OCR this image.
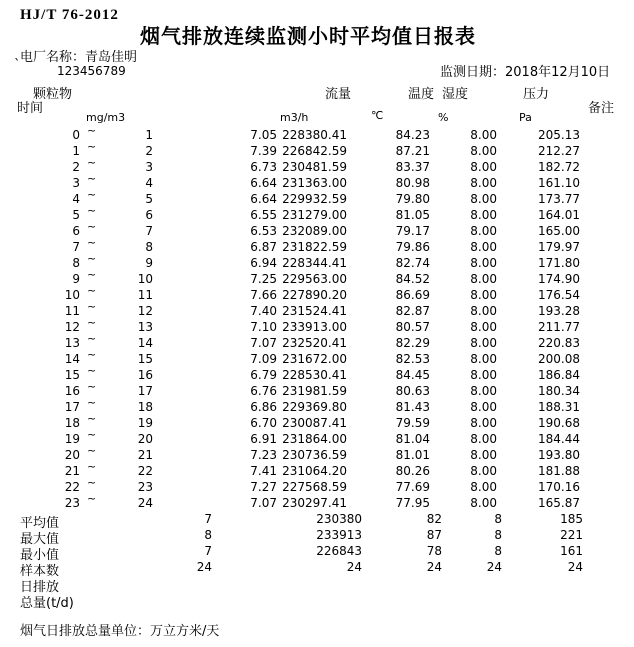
HJ/T 76-2012
烟气排放连续监测小时平均值日报表
电厂名称：青岛佳明
`	123456789	监测日期：2018年12月10日
颗粒物	流量	温度 湿度	压力
时间	备注
mg/m3	m3/h	℃	%	Pa
0 ~	1	7.05 228380.41	84.23	8.00	205.13
1 ~	2	7.39 226842.59	87.21	8.00	212.27
2 ~	3	6.73 230481.59	83.37	8.00	182.72
3 ~	4	6.64 231363.00	80.98	8.00	161.10
4 ~	5	6.64 229932.59	79.80	8.00	173.77
5 ~	6	6.55 231279.00	81.05	8.00	164.01
6 ~	7	6.53 232089.00	79.17	8.00	165.00
7 ~	8	6.87 231822.59	79.86	8.00	179.97
8 ~	9	6.94 228344.41	82.74	8.00	171.80
9 ~	10	7.25 229563.00	84.52	8.00	174.90
10 ~	11	7.66 227890.20	86.69	8.00	176.54
11 ~	12	7.40 231524.41	82.87	8.00	193.28
12 ~	13	7.10 233913.00	80.57	8.00	211.77
13 ~	14	7.07 232520.41	82.29	8.00	220.83
14 ~	15	7.09 231672.00	82.53	8.00	200.08
15 ~	16	6.79 228530.41	84.45	8.00	186.84
16 ~	17	6.76 231981.59	80.63	8.00	180.34
17 ~	18	6.86 229369.80	81.43	8.00	188.31
18 ~	19	6.70 230087.41	79.59	8.00	190.68
19 ~	20	6.91 231864.00	81.04	8.00	184.44
20 ~	21	7.23 230736.59	81.01	8.00	193.80
21 ~	22	7.41 231064.20	80.26	8.00	181.88
22 ~	23	7.27 227568.59	77.69	8.00	170.16
23 ~	24	7.07 230297.41	77.95	8.00	165.87
平均值	7	230380	82	8	185
最大值	8	233913	87	8	221
最小值	7	226843	78	8	161
样本数	24	24	24	24	24
日排放
总量(t/d)
烟气日排放总量单位：万立方米/天
